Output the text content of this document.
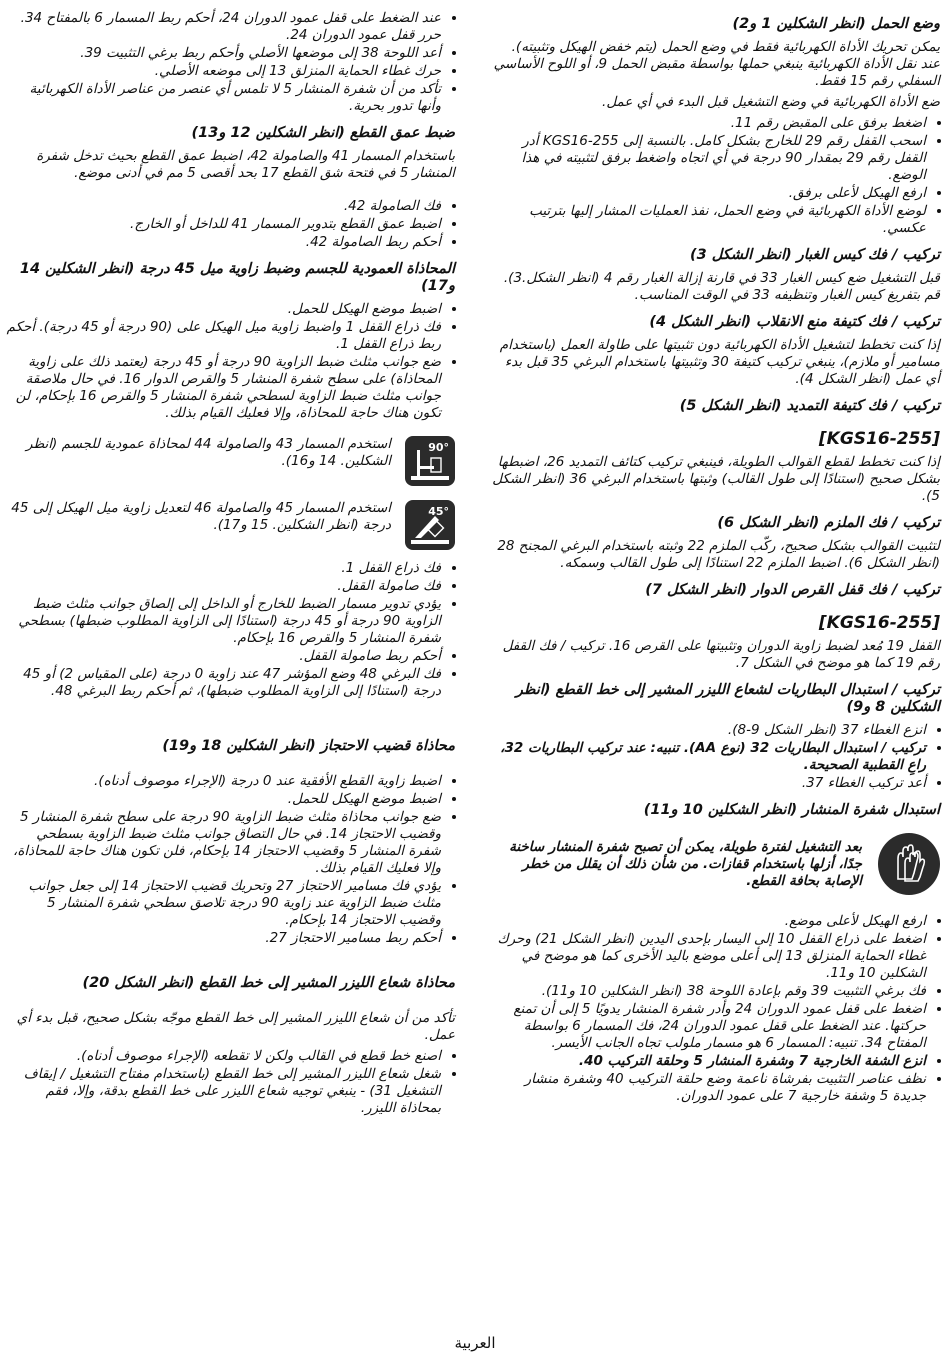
وضع الحمل (انظر الشكلين 1 و2)

يمكن تحريك الأداة الكهربائية فقط في وضع الحمل (يتم خفض الهيكل وتثبيته). عند نقل الأداة الكهربائية ينبغي حملها بواسطة مقبض الحمل 9، أو اللوح الأساسي السفلي رقم 15 فقط.

ضع الأداة الكهربائية في وضع التشغيل قبل البدء في أي عمل.

• اضغط برفق على المقبض رقم 11.
• اسحب القفل رقم 29 للخارج بشكل كامل. بالنسبة إلى KGS16-255 أدر القفل رقم 29 بمقدار 90 درجة في أي اتجاه واضغط برفق لتثبيته في هذا الوضع.
• ارفع الهيكل لأعلى برفق.
• لوضع الأداة الكهربائية في وضع الحمل، نفذ العمليات المشار إليها بترتيب عكسي.
تركيب / فك كيس الغبار (انظر الشكل 3)

قبل التشغيل ضع كيس الغبار 33 في قارنة إزالة الغبار رقم 4 (انظر الشكل.3). قم بتفريغ كيس الغبار وتنظيفه 33 في الوقت المناسب.

تركيب / فك كتيفة منع الانقلاب (انظر الشكل 4)

إذا كنت تخطط لتشغيل الأداة الكهربائية دون تثبيتها على طاولة العمل (باستخدام مسامير أو ملازم)، ينبغي تركيب كتيفة 30 وتثبيتها باستخدام البرغي 35 قبل بدء أي عمل (انظر الشكل 4).

تركيب / فك كتيفة التمديد (انظر الشكل 5)
[KGS16-255]

إذا كنت تخطط لقطع القوالب الطويلة، فينبغي تركيب كتائف التمديد 26، اضبطها بشكل صحيح (استنادًا إلى طول القالب) وثبتها باستخدام البرغي 36 (انظر الشكل 5).

تركيب / فك الملزم (انظر الشكل 6)

لتثبيت القوالب بشكل صحيح، ركّب الملزم 22 وثبته باستخدام البرغي المجنح 28 (انظر الشكل 6). اضبط الملزم 22 استنادًا إلى طول القالب وسمكه.

تركيب / فك قفل القرص الدوار (انظر الشكل 7)
[KGS16-255]

القفل 19 مُعد لضبط زاوية الدوران وتثبيتها على القرص 16. تركيب / فك القفل رقم 19 كما هو موضح في الشكل 7.

تركيب / استبدال البطاريات لشعاع الليزر المشير إلى خط القطع (انظر الشكلين 8 و9)
• انزع الغطاء 37 (انظر الشكل 9-8).
• تركيب / استبدال البطاريات 32 (نوع AA). تنبيه: عند تركيب البطاريات 32، راعِ القطبية الصحيحة.
• أعد تركيب الغطاء 37.
استبدال شفرة المنشار (انظر الشكلين 10 و11)
بعد التشغيل لفترة طويلة، يمكن أن تصبح شفرة المنشار ساخنة جدًا، أزلها باستخدام قفازات. من شأن ذلك أن يقلل من خطر الإصابة بحافة القطع.
• ارفع الهيكل لأعلى موضع.
• اضغط على ذراع القفل 10 إلى اليسار بإحدى اليدين (انظر الشكل 21) وحرك غطاء الحماية المنزلق 13 إلى أعلى موضع باليد الأخرى كما هو موضح في الشكلين 10 و11.
• فك برغي التثبيت 39 وقم بإعادة اللوحة 38 (انظر الشكلين 10 و11).
• اضغط على قفل عمود الدوران 24 وأدر شفرة المنشار يدويًا 5 إلى أن تمنع حركتها. عند الضغط على قفل عمود الدوران 24، فك المسمار 6 بواسطة المفتاح 34. تنبيه: المسمار 6 هو مسمار ملولب تجاه الجانب الأيسر.
• انزع الشفة الخارجية 7 وشفرة المنشار 5 وحلقة التركيب 40.
• نظف عناصر التثبيت بفرشاة ناعمة وضع حلقة التركيب 40 وشفرة منشار جديدة 5 وشفة خارجية 7 على عمود الدوران.
• عند الضغط على قفل عمود الدوران 24، أحكم ربط المسمار 6 بالمفتاح 34. حرر قفل عمود الدوران 24.
• أعد اللوحة 38 إلى موضعها الأصلي وأحكم ربط برغي التثبيت 39.
• حرك غطاء الحماية المنزلق 13 إلى موضعه الأصلي.
• تأكد من أن شفرة المنشار 5 لا تلمس أي عنصر من عناصر الأداة الكهربائية وأنها تدور بحرية.
ضبط عمق القطع (انظر الشكلين 12 و13)

باستخدام المسمار 41 والصامولة 42، اضبط عمق القطع بحيث تدخل شفرة المنشار 5 في فتحة شق القطع 17 بحد أقصى 5 مم في أدنى موضع.

• فك الصامولة 42.
• اضبط عمق القطع بتدوير المسمار 41 للداخل أو الخارج.
• أحكم ربط الصامولة 42.
المحاذاة العمودية للجسم وضبط زاوية ميل 45 درجة (انظر الشكلين 14 و17)
• اضبط موضع الهيكل للحمل.
• فك ذراع القفل 1 واضبط زاوية ميل الهيكل على (90 درجة أو 45 درجة). أحكم ربط ذراع القفل 1.
• ضع جوانب مثلث ضبط الزاوية 90 درجة أو 45 درجة (يعتمد ذلك على زاوية المحاذاة) على سطح شفرة المنشار 5 والقرص الدوار 16. في حال ملاصقة جوانب مثلث ضبط الزاوية لسطحي شفرة المنشار 5 والقرص 16 بإحكام، لن تكون هناك حاجة للمحاذاة، وإلا فعليك القيام بذلك.
90°
استخدم المسمار 43 والصامولة 44 لمحاذاة عمودية للجسم (انظر الشكلين. 14 و16).
45°
استخدم المسمار 45 والصامولة 46 لتعديل زاوية ميل الهيكل إلى 45 درجة (انظر الشكلين. 15 و17).
• فك ذراع القفل 1.
• فك صامولة القفل.
• يؤدي تدوير مسمار الضبط للخارج أو الداخل إلى إلصاق جوانب مثلث ضبط الزاوية 90 درجة أو 45 درجة (استنادًا إلى الزاوية المطلوب ضبطها) بسطحي شفرة المنشار 5 والقرص 16 بإحكام.
• أحكم ربط صامولة القفل.
• فك البرغي 48 وضع المؤشر 47 عند زاوية 0 درجة (على المقياس 2) أو 45 درجة (استنادًا إلى الزاوية المطلوب ضبطها)، ثم أحكم ربط البرغي 48.
محاذاة قضيب الاحتجاز (انظر الشكلين 18 و19)
• اضبط زاوية القطع الأفقية عند 0 درجة (الإجراء موصوف أدناه).
• اضبط موضع الهيكل للحمل.
• ضع جوانب محاذاة مثلث ضبط الزاوية 90 درجة على سطح شفرة المنشار 5 وقضيب الاحتجاز 14. في حال التصاق جوانب مثلث ضبط الزاوية بسطحي شفرة المنشار 5 وقضيب الاحتجاز 14 بإحكام، فلن تكون هناك حاجة للمحاذاة، وإلا فعليك القيام بذلك.
• يؤدي فك مسامير الاحتجاز 27 وتحريك قضيب الاحتجاز 14 إلى جعل جوانب مثلث ضبط الزاوية عند زاوية 90 درجة تلاصق سطحي شفرة المنشار 5 وقضيب الاحتجاز 14 بإحكام.
• أحكم ربط مسامير الاحتجاز 27.
محاذاة شعاع الليزر المشير إلى خط القطع (انظر الشكل 20)

تأكد من أن شعاع الليزر المشير إلى خط القطع موجّه بشكل صحيح، قبل بدء أي عمل.

• اصنع خط قطع في القالب ولكن لا تقطعه (الإجراء موصوف أدناه).
• شغل شعاع الليزر المشير إلى خط القطع (باستخدام مفتاح التشغيل / إيقاف التشغيل 31) - ينبغي توجيه شعاع الليزر على خط القطع بدقة، وإلا، فقم بمحاذاة الليزر.
العربية
